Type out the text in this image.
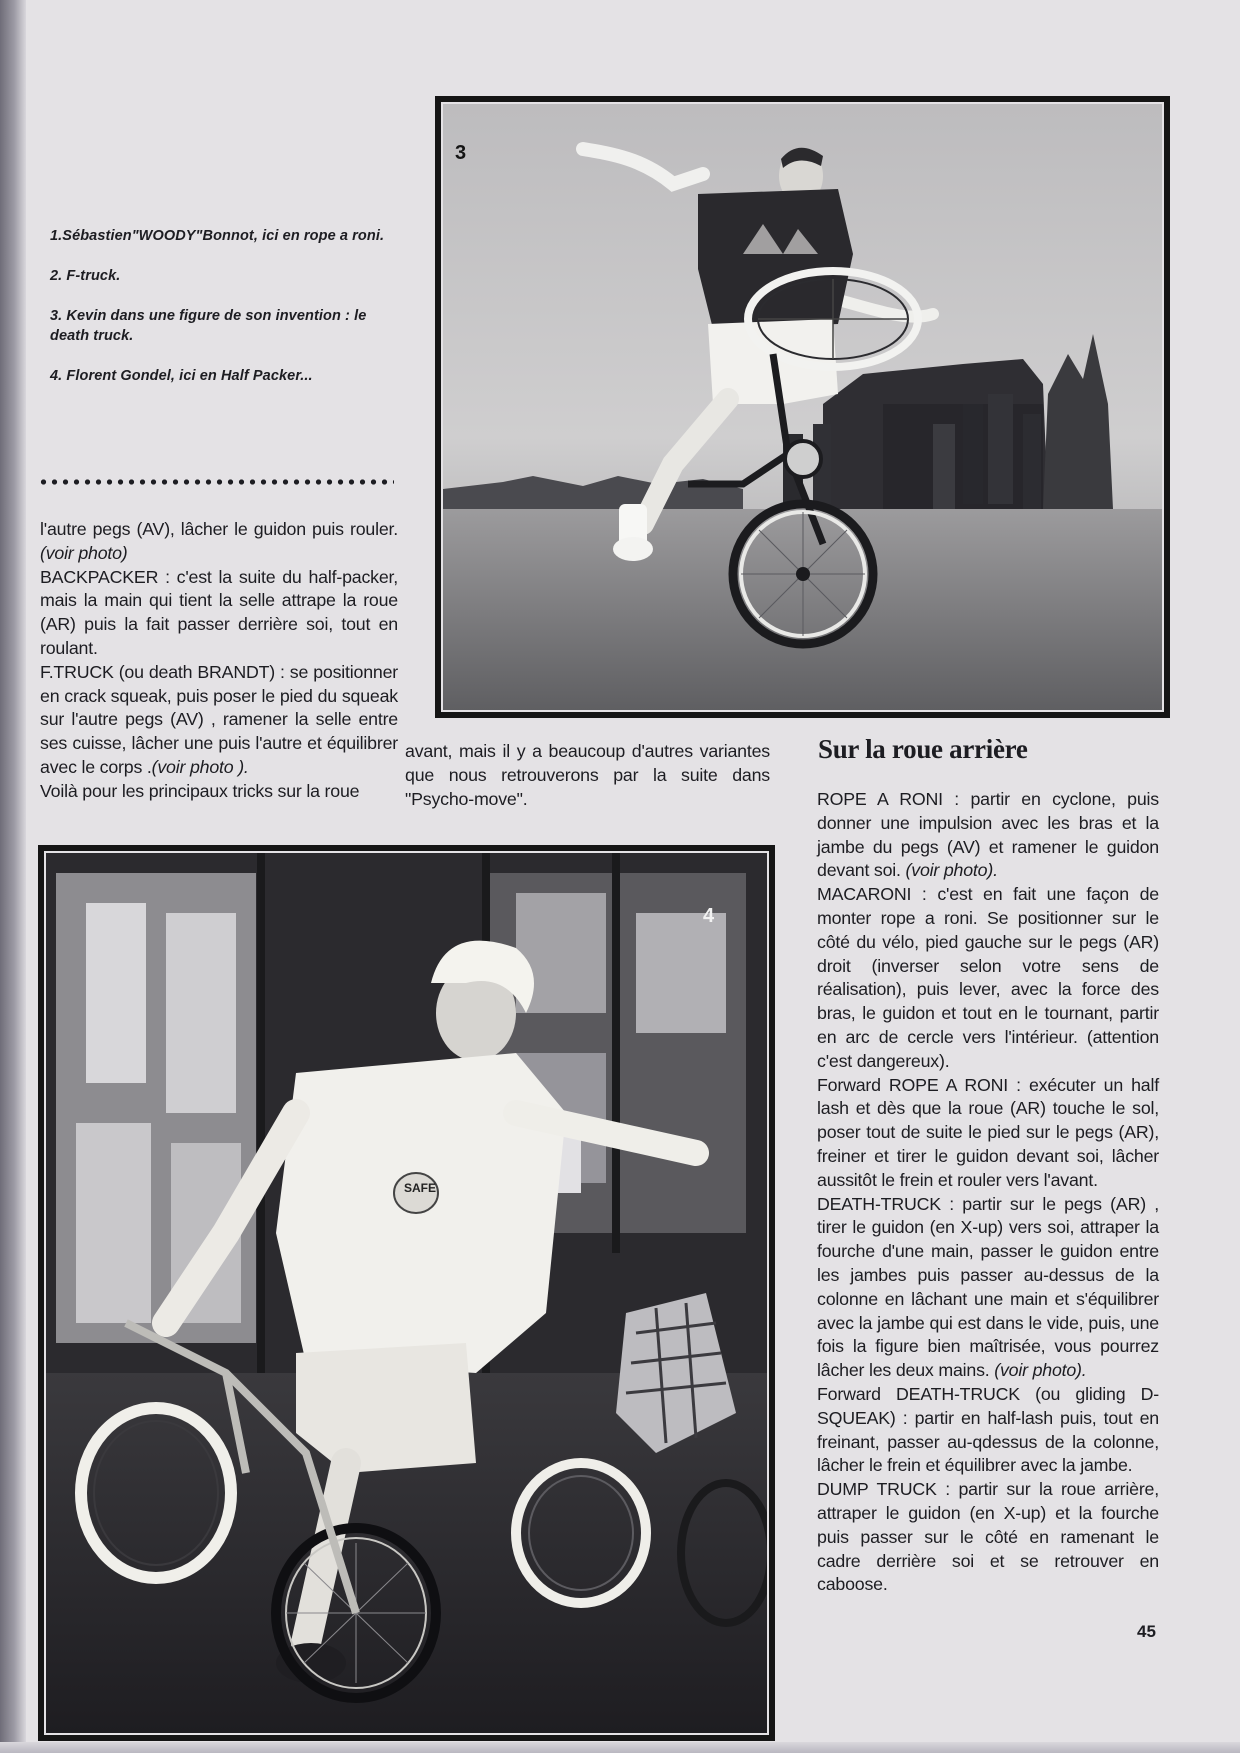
1.Sébastien"WOODY"Bonnot, ici en rope a roni.

2. F-truck.

3. Kevin dans une figure de son invention : le death truck.

4. Florent Gondel, ici en Half Packer...

3

l'autre pegs (AV), lâcher le guidon puis rouler. (voir photo)

BACKPACKER : c'est la suite du half-packer, mais la main qui tient la selle attrape la roue (AR) puis la fait passer derrière soi, tout en roulant.

F.TRUCK (ou death BRANDT) : se positionner en crack squeak, puis poser le pied du squeak sur l'autre pegs (AV) , ramener la selle entre ses cuisse, lâcher une puis l'autre et équilibrer avec le corps .(voir photo ).

Voilà pour les principaux tricks sur la roue

avant, mais il y a beaucoup d'autres variantes que nous retrouverons par la suite dans "Psycho-move".

Sur la roue arrière

ROPE A RONI : partir en cyclone, puis donner une impulsion avec les bras et la jambe du pegs (AV) et ramener le guidon devant soi. (voir photo).

MACARONI : c'est en fait une façon de monter rope a roni. Se positionner sur le côté du vélo, pied gauche sur le pegs (AR) droit (inverser selon votre sens de réalisation), puis lever, avec la force des bras, le guidon et tout en le tournant, partir en arc de cercle vers l'intérieur. (attention c'est dangereux).

Forward ROPE A RONI : exécuter un half lash et dès que la roue (AR) touche le sol, poser tout de suite le pied sur le pegs (AR), freiner et tirer le guidon devant soi, lâcher aussitôt le frein et rouler vers l'avant.

DEATH-TRUCK : partir sur le pegs (AR) , tirer le guidon (en X-up) vers soi, attraper la fourche d'une main, passer le guidon entre les jambes puis passer au-dessus de la colonne en lâchant une main et s'équilibrer avec la jambe qui est dans le vide, puis, une fois la figure bien maîtrisée, vous pourrez lâcher les deux mains. (voir photo).

Forward DEATH-TRUCK (ou gliding D-SQUEAK) : partir en half-lash puis, tout en freinant, passer au-qdessus de la colonne, lâcher le frein et équilibrer avec la jambe.

DUMP TRUCK : partir sur la roue arrière, attraper le guidon (en X-up) et la fourche puis passer sur le côté en ramenant le cadre derrière soi et se retrouver en caboose.

SAFE
4

45
